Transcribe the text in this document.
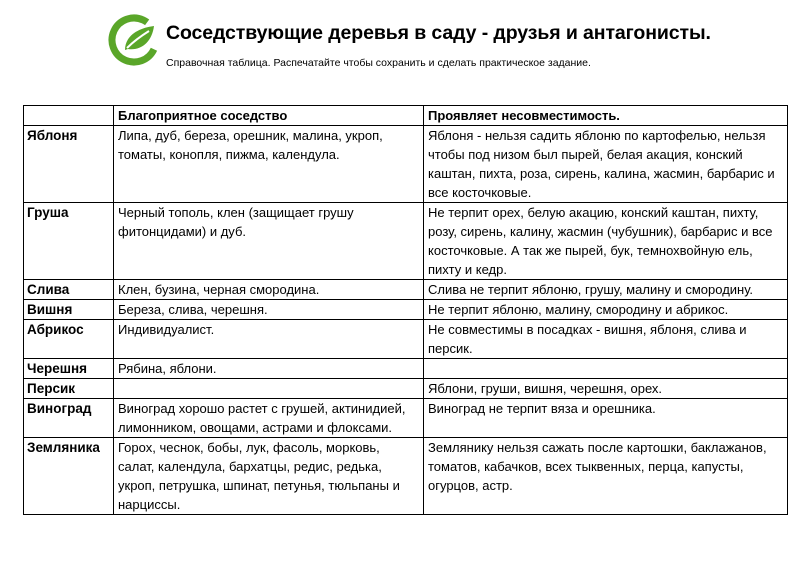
Соседствующие деревья в саду - друзья и антагонисты.
Справочная таблица. Распечатайте чтобы сохранить и сделать практическое задание.
	Благоприятное соседство	Проявляет несовместимость.
Яблоня	Липа, дуб, береза, орешник, малина, укроп, томаты, конопля, пижма, календула.	Яблоня - нельзя садить яблоню по картофелью, нельзя чтобы под низом был пырей, белая акация, конский каштан, пихта, роза, сирень, калина, жасмин, барбарис и все косточковые.
Груша	Черный тополь, клен (защищает грушу фитонцидами) и дуб.	Не терпит орех, белую акацию, конский каштан, пихту, розу, сирень, калину, жасмин (чубушник), барбарис и все косточковые. А так же пырей, бук, темнохвойную ель, пихту и кедр.
Слива	Клен, бузина, черная смородина.	Слива не терпит яблоню, грушу, малину и смородину.
Вишня	Береза, слива, черешня.	Не терпит яблоню, малину, смородину и абрикос.
Абрикос	Индивидуалист.	Не совместимы в посадках - вишня, яблоня, слива и персик.
Черешня	Рябина, яблони.	
Персик		Яблони, груши, вишня, черешня, орех.
Виноград	Виноград хорошо растет с грушей, актинидией, лимонником, овощами, астрами и флоксами.	Виноград не терпит вяза и орешника.
Земляника	Горох, чеснок, бобы, лук, фасоль, морковь, салат, календула, бархатцы, редис, редька, укроп, петрушка, шпинат, петунья, тюльпаны и нарциссы.	Землянику нельзя сажать после картошки, баклажанов, томатов, кабачков, всех тыквенных, перца, капусты, огурцов, астр.
